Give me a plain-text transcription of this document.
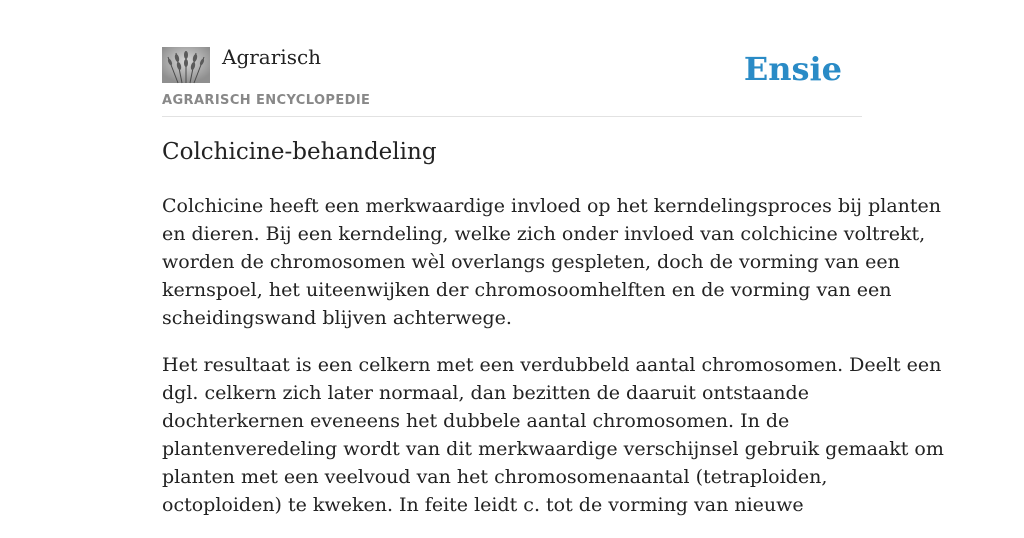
Agrarisch
AGRARISCH ENCYCLOPEDIE
Ensie
Colchicine-behandeling

Colchicine heeft een merkwaardige invloed op het kerndelingsproces bij planten
en dieren. Bij een kerndeling, welke zich onder invloed van colchicine voltrekt,
worden de chromosomen wèl overlangs gespleten, doch de vorming van een
kernspoel, het uiteenwijken der chromosoomhelften en de vorming van een
scheidingswand blijven achterwege.

Het resultaat is een celkern met een verdubbeld aantal chromosomen. Deelt een
dgl. celkern zich later normaal, dan bezitten de daaruit ontstaande
dochterkernen eveneens het dubbele aantal chromosomen. In de
plantenveredeling wordt van dit merkwaardige verschijnsel gebruik gemaakt om
planten met een veelvoud van het chromosomenaantal (tetraploiden,
octoploiden) te kweken. In feite leidt c. tot de vorming van nieuwe
